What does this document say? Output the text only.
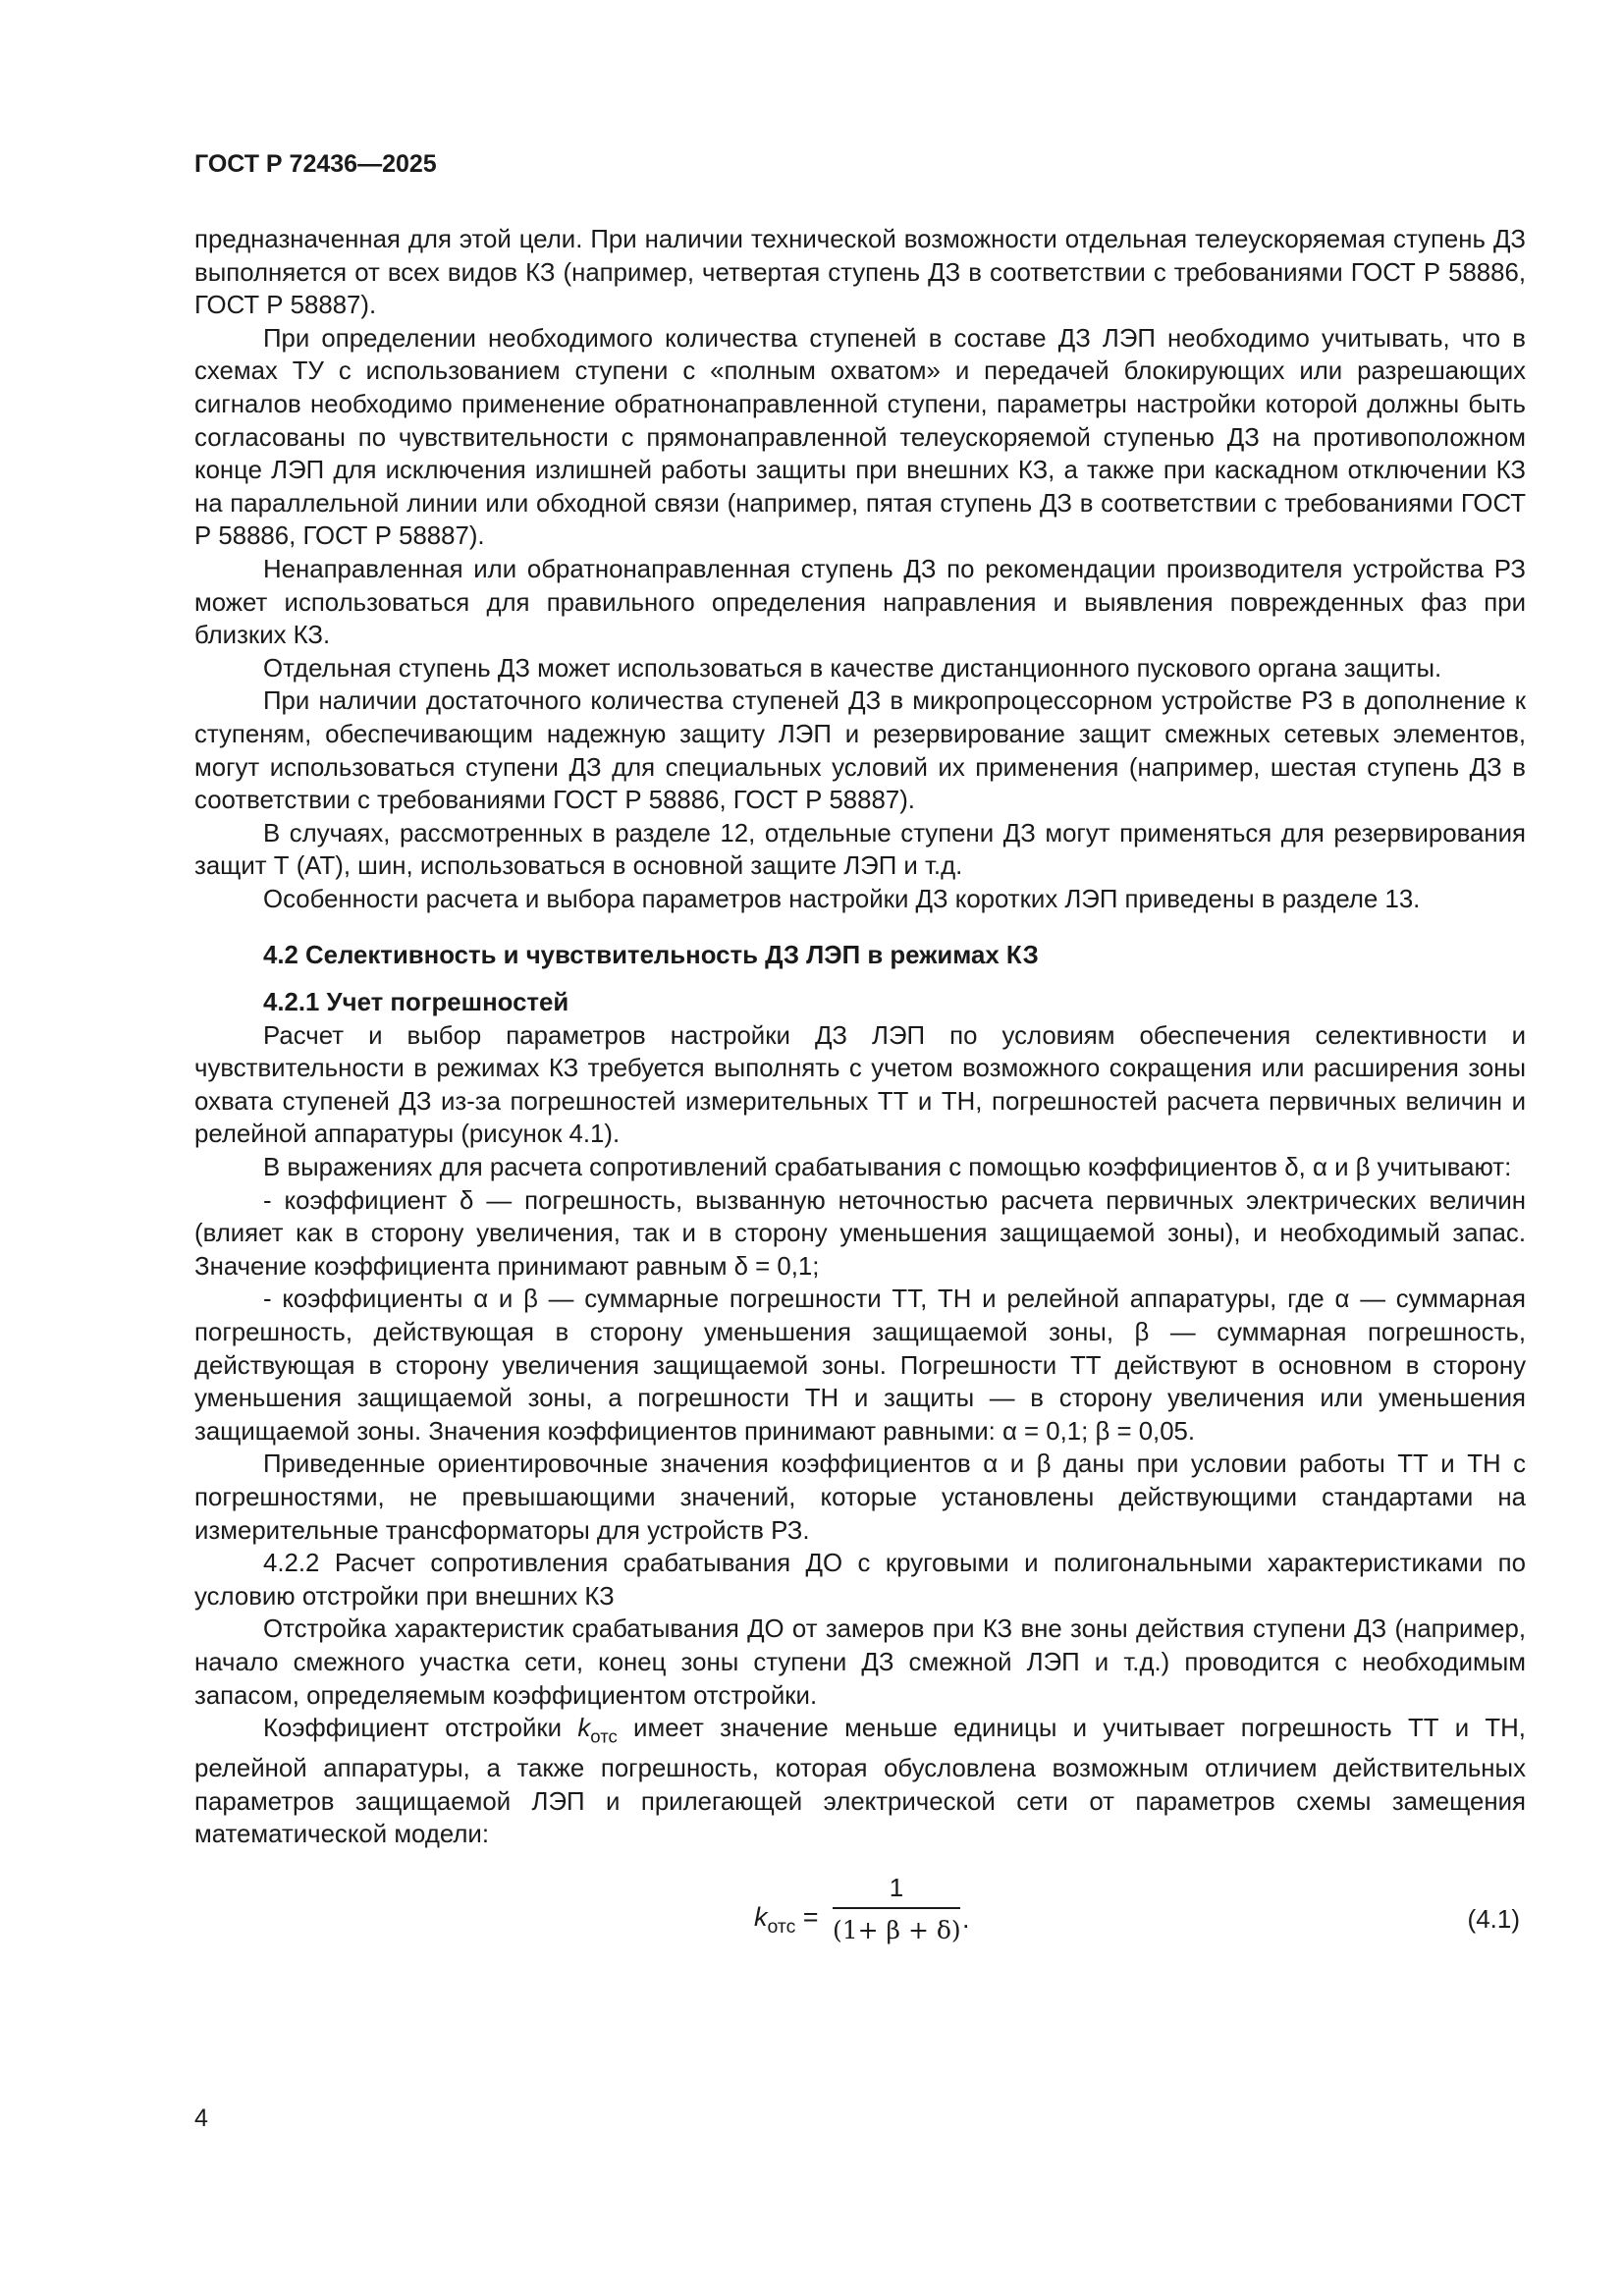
ГОСТ Р 72436—2025

предназначенная для этой цели. При наличии технической возможности отдельная телеускоряемая ступень ДЗ выполняется от всех видов КЗ (например, четвертая ступень ДЗ в соответствии с требованиями ГОСТ Р 58886, ГОСТ Р 58887).

При определении необходимого количества ступеней в составе ДЗ ЛЭП необходимо учитывать, что в схемах ТУ с использованием ступени с «полным охватом» и передачей блокирующих или разрешающих сигналов необходимо применение обратнонаправленной ступени, параметры настройки которой должны быть согласованы по чувствительности с прямонаправленной телеускоряемой ступенью ДЗ на противоположном конце ЛЭП для исключения излишней работы защиты при внешних КЗ, а также при каскадном отключении КЗ на параллельной линии или обходной связи (например, пятая ступень ДЗ в соответствии с требованиями ГОСТ Р 58886, ГОСТ Р 58887).

Ненаправленная или обратнонаправленная ступень ДЗ по рекомендации производителя устройства РЗ может использоваться для правильного определения направления и выявления поврежденных фаз при близких КЗ.

Отдельная ступень ДЗ может использоваться в качестве дистанционного пускового органа защиты.

При наличии достаточного количества ступеней ДЗ в микропроцессорном устройстве РЗ в дополнение к ступеням, обеспечивающим надежную защиту ЛЭП и резервирование защит смежных сетевых элементов, могут использоваться ступени ДЗ для специальных условий их применения (например, шестая ступень ДЗ в соответствии с требованиями ГОСТ Р 58886, ГОСТ Р 58887).

В случаях, рассмотренных в разделе 12, отдельные ступени ДЗ могут применяться для резервирования защит Т (АТ), шин, использоваться в основной защите ЛЭП и т.д.

Особенности расчета и выбора параметров настройки ДЗ коротких ЛЭП приведены в разделе 13.

4.2 Селективность и чувствительность ДЗ ЛЭП в режимах КЗ

4.2.1 Учет погрешностей

Расчет и выбор параметров настройки ДЗ ЛЭП по условиям обеспечения селективности и чувствительности в режимах КЗ требуется выполнять с учетом возможного сокращения или расширения зоны охвата ступеней ДЗ из-за погрешностей измерительных ТТ и ТН, погрешностей расчета первичных величин и релейной аппаратуры (рисунок 4.1).

В выражениях для расчета сопротивлений срабатывания с помощью коэффициентов δ, α и β учитывают:

- коэффициент δ — погрешность, вызванную неточностью расчета первичных электрических величин (влияет как в сторону увеличения, так и в сторону уменьшения защищаемой зоны), и необходимый запас. Значение коэффициента принимают равным δ = 0,1;

- коэффициенты α и β — суммарные погрешности ТТ, ТН и релейной аппаратуры, где α — суммарная погрешность, действующая в сторону уменьшения защищаемой зоны, β — суммарная погрешность, действующая в сторону увеличения защищаемой зоны. Погрешности ТТ действуют в основном в сторону уменьшения защищаемой зоны, а погрешности ТН и защиты — в сторону увеличения или уменьшения защищаемой зоны. Значения коэффициентов принимают равными: α = 0,1; β = 0,05.

Приведенные ориентировочные значения коэффициентов α и β даны при условии работы ТТ и ТН с погрешностями, не превышающими значений, которые установлены действующими стандартами на измерительные трансформаторы для устройств РЗ.

4.2.2 Расчет сопротивления срабатывания ДО с круговыми и полигональными характеристиками по условию отстройки при внешних КЗ

Отстройка характеристик срабатывания ДО от замеров при КЗ вне зоны действия ступени ДЗ (например, начало смежного участка сети, конец зоны ступени ДЗ смежной ЛЭП и т.д.) проводится с необходимым запасом, определяемым коэффициентом отстройки.

Коэффициент отстройки $k_{отс}$ имеет значение меньше единицы и учитывает погрешность ТТ и ТН, релейной аппаратуры, а также погрешность, которая обусловлена возможным отличием действительных параметров защищаемой ЛЭП и прилегающей электрической сети от параметров схемы замещения математической модели:

$k_{отс}$ =
1
(1+ β + δ) .	(4.1)
4
